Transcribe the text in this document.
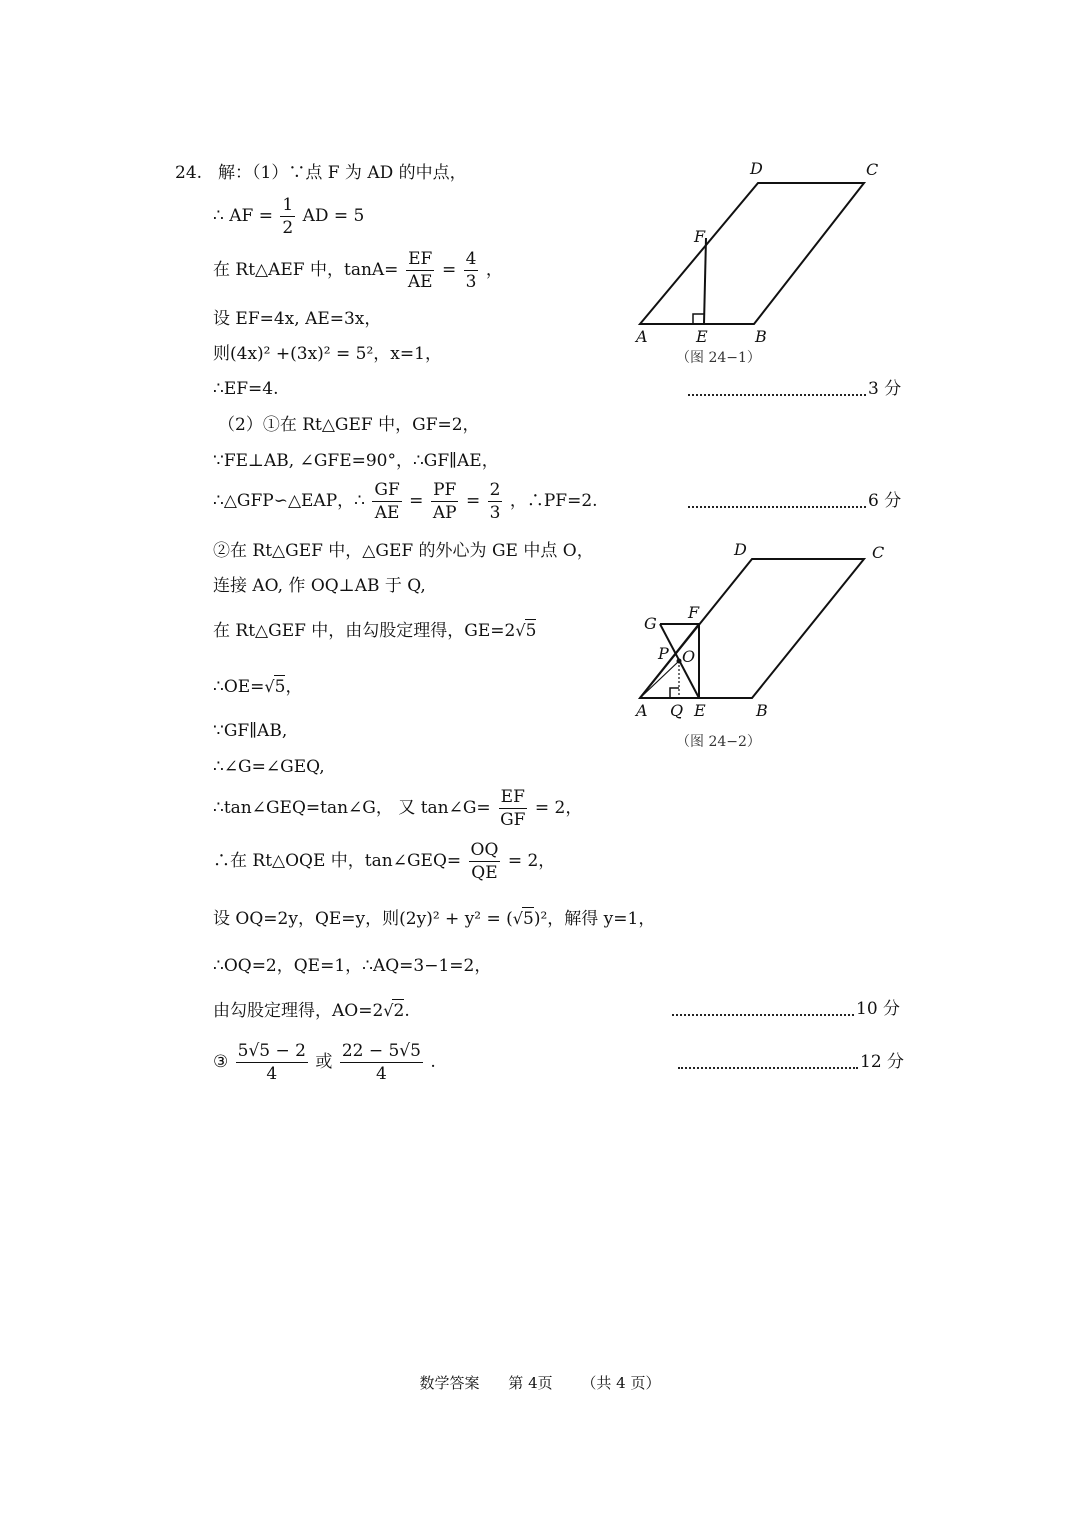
24. 解：（1）∵点 F 为 AD 的中点，
∴ AF = $\frac{1}{2}$ AD = 5
在 Rt△AEF 中，$\tan A= \frac{EF}{AE} = \frac{4}{3}$ ，
设 EF=4x, AE=3x，
则(4x)² +(3x)² = 5²，x=1，
∴EF=4.	3 分
（2）①在 Rt△GEF 中，GF=2，
∵FE⊥AB, ∠GFE=90°，∴GF∥AE，
∴△GFP∽△EAP，∴ $\frac{GF}{AE} = \frac{PF}{AP} = \frac{2}{3}$ ，∴PF=2.	6 分
②在 Rt△GEF 中，△GEF 的外心为 GE 中点 O，
连接 AO, 作 OQ⊥AB 于 Q,
在 Rt△GEF 中，由勾股定理得，GE=2 √ 5
∴OE= √ 5 ，
∵GF∥AB,
∴∠G=∠GEQ,
∴tan∠GEQ=tan∠G， 又 tan∠G= $\frac{EF}{GF} = 2$，
∴在 Rt△OQE 中，tan∠GEQ= $\frac{OQ}{QE} = 2$，
设 OQ=2y，QE=y，则(2y)² + y² = ( √ 5 )²，解得 y=1，
∴OQ=2，QE=1，∴AQ=3−1=2，
由勾股定理得，AO=2 √ 2 .	10 分
③ $\frac{5√5 - 2}{4}$ 或 $\frac{22 - 5√5}{4}$ .	12 分
A	B
C
D
E
F
（图 24−1）
A	B
C
D
E
F
G
O
P
Q
（图 24−2）
数学答案 第 4页 （共 4 页）
